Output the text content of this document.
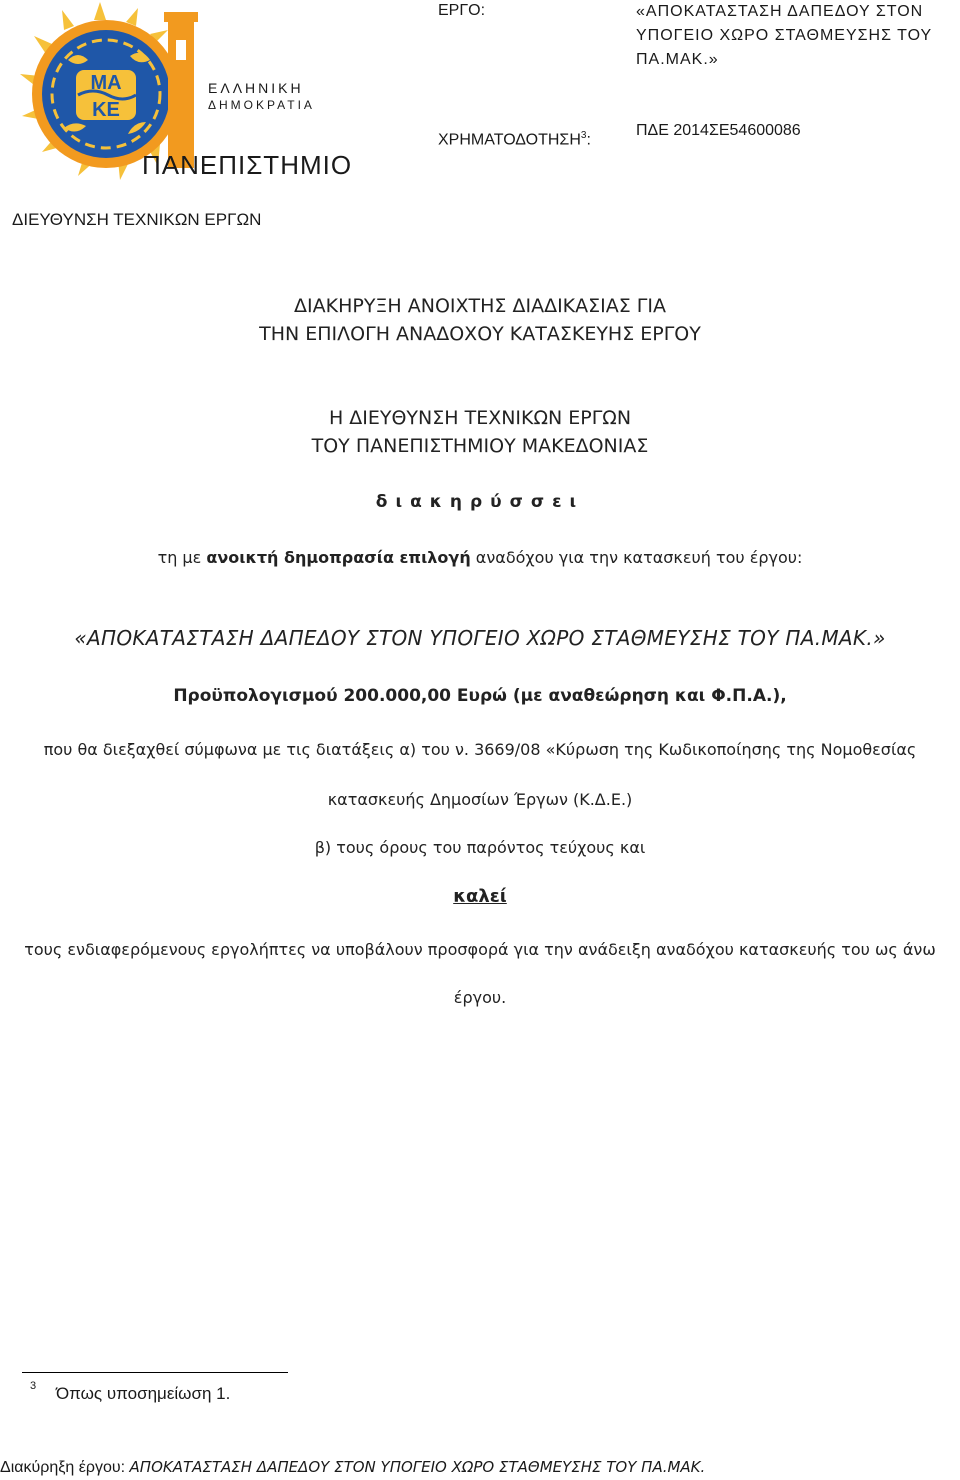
ΜΑ
ΚΕ
ΕΛΛΗΝΙΚΗ
ΔΗΜΟΚΡΑΤΙΑ
ΠΑΝΕΠΙΣΤΗΜΙΟ
ΕΡΓΟ:	«ΑΠΟΚΑΤΑΣΤΑΣΗ ΔΑΠΕΔΟΥ ΣΤΟΝ ΥΠΟΓΕΙΟ ΧΩΡΟ ΣΤΑΘΜΕΥΣΗΣ ΤΟΥ ΠΑ.ΜΑΚ.»
ΧΡΗΜΑΤΟΔΟΤΗΣΗ$^3$:
ΠΔΕ 2014ΣΕ54600086
ΔΙΕΥΘΥΝΣΗ ΤΕΧΝΙΚΩΝ ΕΡΓΩΝ
ΔΙΑΚΗΡΥΞΗ ΑΝΟΙΧΤΗΣ ΔΙΑΔΙΚΑΣΙΑΣ ΓΙΑ
ΤΗΝ ΕΠΙΛΟΓΗ ΑΝΑΔΟΧΟΥ ΚΑΤΑΣΚΕΥΗΣ ΕΡΓΟΥ
Η ΔΙΕΥΘΥΝΣΗ ΤΕΧΝΙΚΩΝ ΕΡΓΩΝ
ΤΟΥ ΠΑΝΕΠΙΣΤΗΜΙΟΥ ΜΑΚΕΔΟΝΙΑΣ
διακηρύσσει
τη με ανοικτή δημοπρασία επιλογή αναδόχου για την κατασκευή του έργου:
«ΑΠΟΚΑΤΑΣΤΑΣΗ ΔΑΠΕΔΟΥ ΣΤΟΝ ΥΠΟΓΕΙΟ ΧΩΡΟ ΣΤΑΘΜΕΥΣΗΣ ΤΟΥ ΠΑ.ΜΑΚ.»
Προϋπολογισμού 200.000,00 Ευρώ (με αναθεώρηση και Φ.Π.Α.),
που θα διεξαχθεί σύμφωνα με τις διατάξεις α) του ν. 3669/08 «Κύρωση της Κωδικοποίησης της Νομοθεσίας
κατασκευής Δημοσίων Έργων (Κ.Δ.Ε.)
β) τους όρους του παρόντος τεύχους και
καλεί
τους ενδιαφερόμενους εργολήπτες να υποβάλουν προσφορά για την ανάδειξη αναδόχου κατασκευής του ως άνω
έργου.
3 Όπως υποσημείωση 1.
Διακύρηξη έργου: ΑΠΟΚΑΤΑΣΤΑΣΗ ΔΑΠΕΔΟΥ ΣΤΟΝ ΥΠΟΓΕΙΟ ΧΩΡΟ ΣΤΑΘΜΕΥΣΗΣ ΤΟΥ ΠΑ.ΜΑΚ.
